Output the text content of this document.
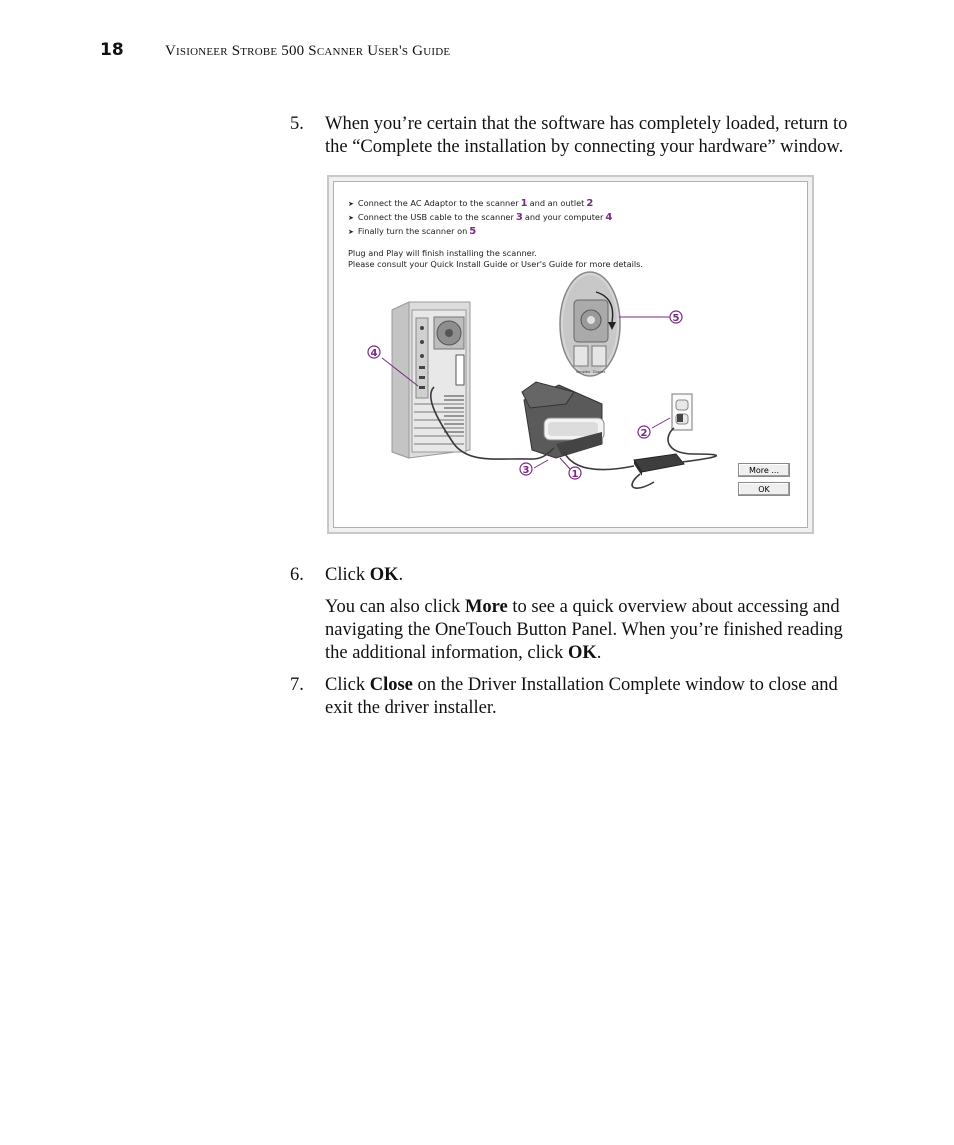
18	Visioneer Strobe 500 Scanner User's Guide
5. When you’re certain that the software has completely loaded, return to the “Complete the installation by connecting your hardware” window.
➤ Connect the AC Adaptor to the scanner 1 and an outlet 2
➤ Connect the USB cable to the scanner 3 and your computer 4
➤ Finally turn the scanner on 5
Plug and Play will finish installing the scanner.
Please consult your Quick Install Guide or User's Guide for more details.
Simplex Duplex
4
2
5
3	1	More ...
OK
6. Click OK.
You can also click More to see a quick overview about accessing and navigating the OneTouch Button Panel. When you’re finished reading the additional information, click OK.
7. Click Close on the Driver Installation Complete window to close and exit the driver installer.
